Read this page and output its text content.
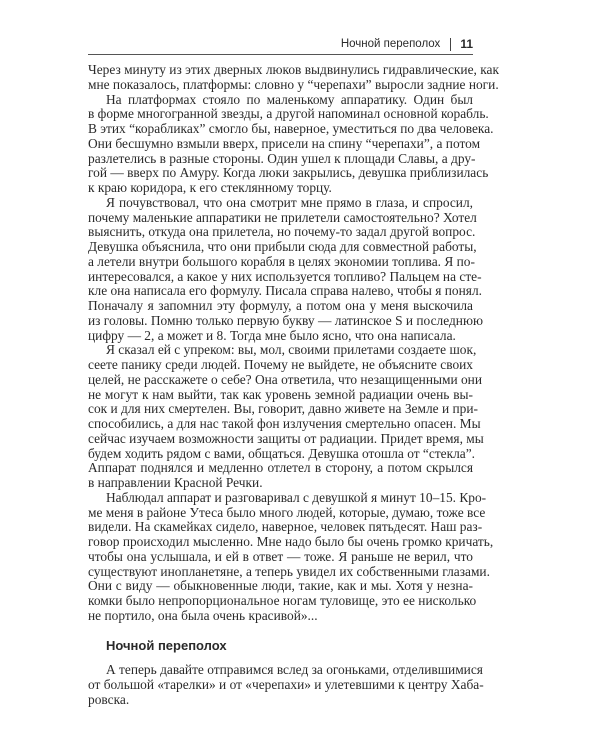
Ночной переполох 11
Через минуту из этих дверных люков выдвинулись гидравлические, как
мне показалось, платформы: словно у “черепахи” выросли задние ноги.
На платформах стояло по маленькому аппаратику. Один был
в форме многогранной звезды, а другой напоминал основной корабль.
В этих “корабликах” смогло бы, наверное, уместиться по два человека.
Они бесшумно взмыли вверх, присели на спину “черепахи”, а потом
разлетелись в разные стороны. Один ушел к площади Славы, а дру-
гой — вверх по Амуру. Когда люки закрылись, девушка приблизилась
к краю коридора, к его стеклянному торцу.
Я почувствовал, что она смотрит мне прямо в глаза, и спросил,
почему маленькие аппаратики не прилетели самостоятельно? Хотел
выяснить, откуда она прилетела, но почему-то задал другой вопрос.
Девушка объяснила, что они прибыли сюда для совместной работы,
а летели внутри большого корабля в целях экономии топлива. Я по-
интересовался, а какое у них используется топливо? Пальцем на сте-
кле она написала его формулу. Писала справа налево, чтобы я понял.
Поначалу я запомнил эту формулу, а потом она у меня выскочила
из головы. Помню только первую букву — латинское S и последнюю
цифру — 2, а может и 8. Тогда мне было ясно, что она написала.
Я сказал ей с упреком: вы, мол, своими прилетами создаете шок,
сеете панику среди людей. Почему не выйдете, не объясните своих
целей, не расскажете о себе? Она ответила, что незащищенными они
не могут к нам выйти, так как уровень земной радиации очень вы-
сок и для них смертелен. Вы, говорит, давно живете на Земле и при-
способились, а для нас такой фон излучения смертельно опасен. Мы
сейчас изучаем возможности защиты от радиации. Придет время, мы
будем ходить рядом с вами, общаться. Девушка отошла от “стекла”.
Аппарат поднялся и медленно отлетел в сторону, а потом скрылся
в направлении Красной Речки.
Наблюдал аппарат и разговаривал с девушкой я минут 10–15. Кро-
ме меня в районе Утеса было много людей, которые, думаю, тоже все
видели. На скамейках сидело, наверное, человек пятьдесят. Наш раз-
говор происходил мысленно. Мне надо было бы очень громко кричать,
чтобы она услышала, и ей в ответ — тоже. Я раньше не верил, что
существуют инопланетяне, а теперь увидел их собственными глазами.
Они с виду — обыкновенные люди, такие, как и мы. Хотя у незна-
комки было непропорциональное ногам туловище, это ее нисколько
не портило, она была очень красивой»...
Ночной переполох
А теперь давайте отправимся вслед за огоньками, отделившимися
от большой «тарелки» и от «черепахи» и улетевшими к центру Хаба-
ровска.
